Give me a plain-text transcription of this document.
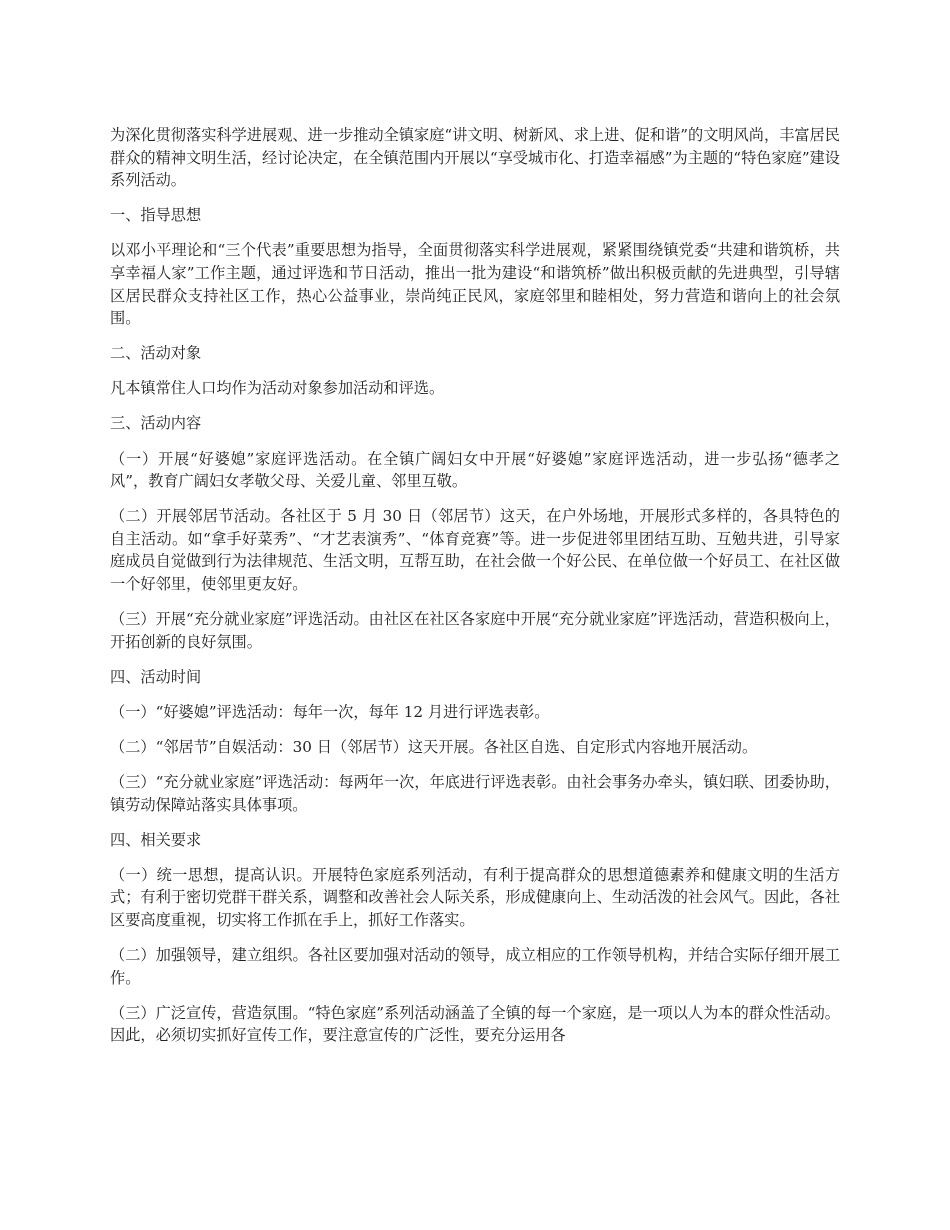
为深化贯彻落实科学进展观、进一步推动全镇家庭“讲文明、树新风、求上进、促和谐”的文明风尚，丰富居民群众的精神文明生活，经讨论决定，在全镇范围内开展以“享受城市化、打造幸福感”为主题的“特色家庭”建设系列活动。

一、指导思想

以邓小平理论和“三个代表”重要思想为指导，全面贯彻落实科学进展观，紧紧围绕镇党委“共建和谐筑桥，共享幸福人家”工作主题，通过评选和节日活动，推出一批为建设“和谐筑桥”做出积极贡献的先进典型，引导辖区居民群众支持社区工作，热心公益事业，崇尚纯正民风，家庭邻里和睦相处，努力营造和谐向上的社会氛围。

二、活动对象

凡本镇常住人口均作为活动对象参加活动和评选。

三、活动内容

（一）开展“好婆媳”家庭评选活动。在全镇广阔妇女中开展“好婆媳”家庭评选活动，进一步弘扬“德孝之风”，教育广阔妇女孝敬父母、关爱儿童、邻里互敬。

（二）开展邻居节活动。各社区于 5 月 30 日（邻居节）这天，在户外场地，开展形式多样的，各具特色的自主活动。如“拿手好菜秀”、“才艺表演秀”、“体育竞赛”等。进一步促进邻里团结互助、互勉共进，引导家庭成员自觉做到行为法律规范、生活文明，互帮互助，在社会做一个好公民、在单位做一个好员工、在社区做一个好邻里，使邻里更友好。

（三）开展“充分就业家庭”评选活动。由社区在社区各家庭中开展“充分就业家庭”评选活动，营造积极向上，开拓创新的良好氛围。

四、活动时间

（一）“好婆媳”评选活动：每年一次，每年 12 月进行评选表彰。

（二）“邻居节”自娱活动：30 日（邻居节）这天开展。各社区自选、自定形式内容地开展活动。

（三）“充分就业家庭”评选活动：每两年一次，年底进行评选表彰。由社会事务办牵头，镇妇联、团委协助，镇劳动保障站落实具体事项。

四、相关要求

（一）统一思想，提高认识。开展特色家庭系列活动，有利于提高群众的思想道德素养和健康文明的生活方式；有利于密切党群干群关系，调整和改善社会人际关系，形成健康向上、生动活泼的社会风气。因此，各社区要高度重视，切实将工作抓在手上，抓好工作落实。

（二）加强领导，建立组织。各社区要加强对活动的领导，成立相应的工作领导机构，并结合实际仔细开展工作。

（三）广泛宣传，营造氛围。“特色家庭”系列活动涵盖了全镇的每一个家庭，是一项以人为本的群众性活动。因此，必须切实抓好宣传工作，要注意宣传的广泛性，要充分运用各
